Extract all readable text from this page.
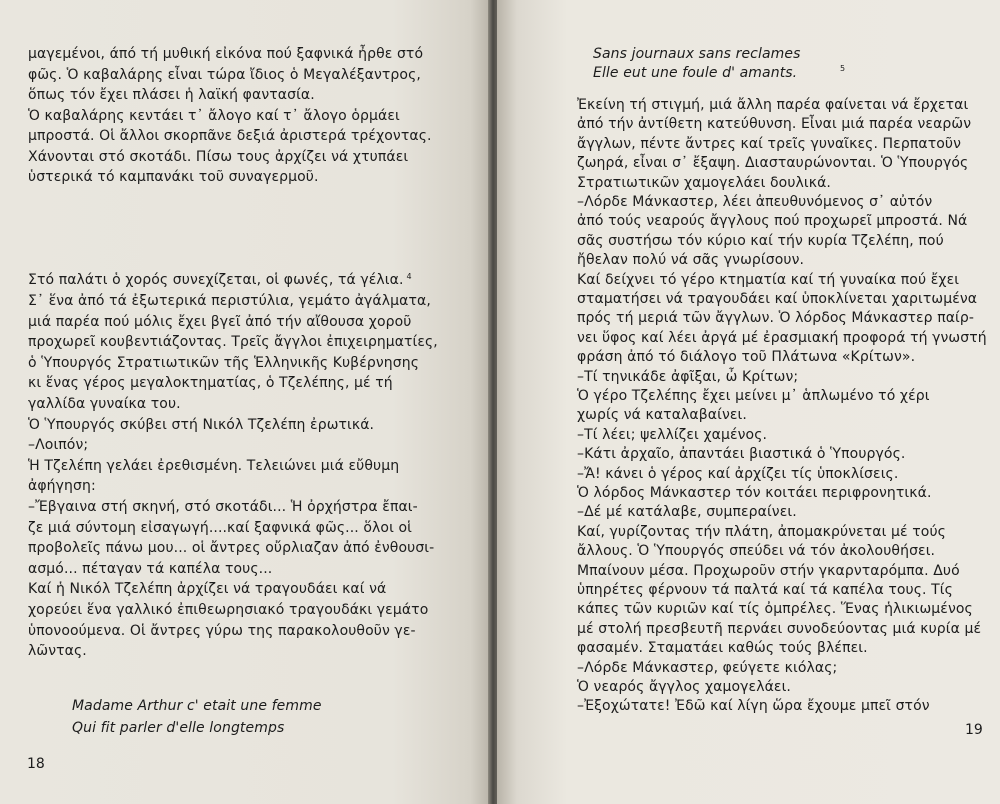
μαγεμένοι, άπό τή μυθική εἰκόνα πού ξαφνικά ἦρθε στό
φῶς. Ὁ καβαλάρης εἶναι τώρα ἴδιος ὁ Μεγαλέξαντρος,
ὅπως τόν ἔχει πλάσει ἡ λαϊκή φαντασία.
Ὁ καβαλάρης κεντάει τ᾽ ἄλογο καί τ᾽ ἄλογο ὁρμάει
μπροστά. Οἱ ἄλλοι σκορπᾶνε δεξιά ἀριστερά τρέχοντας.
Χάνονται στό σκοτάδι. Πίσω τους ἀρχίζει νά χτυπάει
ὑστερικά τό καμπανάκι τοῦ συναγερμοῦ.
Στό παλάτι ὁ χορός συνεχίζεται, οἱ φωνές, τά γέλια. $^4$
Σ᾽ ἕνα ἀπό τά ἐξωτερικά περιστύλια, γεμάτο ἀγάλματα,
μιά παρέα πού μόλις ἔχει βγεῖ ἀπό τήν αἴθουσα χοροῦ
προχωρεῖ κουβεντιάζοντας. Τρεῖς ἄγγλοι ἐπιχειρηματίες,
ὁ Ὑπουργός Στρατιωτικῶν τῆς Ἑλληνικῆς Κυβέρνησης
κι ἕνας γέρος μεγαλοκτηματίας, ὁ Τζελέπης, μέ τή
γαλλίδα γυναίκα του.
Ὁ Ὑπουργός σκύβει στή Νικόλ Τζελέπη ἐρωτικά.
–Λοιπόν;
Ἡ Τζελέπη γελάει ἐρεθισμένη. Τελειώνει μιά εὔθυμη
ἀφήγηση:
–Ἔβγαινα στή σκηνή, στό σκοτάδι... Ἡ ὀρχήστρα ἔπαι-
ζε μιά σύντομη εἰσαγωγή....καί ξαφνικά φῶς... ὅλοι οἱ
προβολεῖς πάνω μου... οἱ ἄντρες οὔρλιαζαν ἀπό ἐνθουσι-
ασμό... πέταγαν τά καπέλα τους...
Καί ἡ Νικόλ Τζελέπη ἀρχίζει νά τραγουδάει καί νά
χορεύει ἕνα γαλλικό ἐπιθεωρησιακό τραγουδάκι γεμάτο
ὑπονοούμενα. Οἱ ἄντρες γύρω της παρακολουθοῦν γε-
λῶντας.
Madame Arthur c' etait une femme
Qui fit parler d'elle longtemps
18
Sans journaux sans reclames
Elle eut une foule d' amants.	5
Ἐκείνη τή στιγμή, μιά ἄλλη παρέα φαίνεται νά ἔρχεται
ἀπό τήν ἀντίθετη κατεύθυνση. Εἶναι μιά παρέα νεαρῶν
ἄγγλων, πέντε ἄντρες καί τρεῖς γυναῖκες. Περπατοῦν
ζωηρά, εἶναι σ᾽ ἔξαψη. Διασταυρώνονται. Ὁ Ὑπουργός
Στρατιωτικῶν χαμογελάει δουλικά.
–Λόρδε Μάνκαστερ, λέει ἀπευθυνόμενος σ᾽ αὐτόν
ἀπό τούς νεαρούς ἄγγλους πού προχωρεῖ μπροστά. Νά
σᾶς συστήσω τόν κύριο καί τήν κυρία Τζελέπη, πού
ἤθελαν πολύ νά σᾶς γνωρίσουν.
Καί δείχνει τό γέρο κτηματία καί τή γυναίκα πού ἔχει
σταματήσει νά τραγουδάει καί ὑποκλίνεται χαριτωμένα
πρός τή μεριά τῶν ἄγγλων. Ὁ λόρδος Μάνκαστερ παίρ-
νει ὕφος καί λέει ἀργά μέ ἐρασμιακή προφορά τή γνωστή
φράση ἀπό τό διάλογο τοῦ Πλάτωνα «Κρίτων».
–Τί τηνικάδε ἀφῖξαι, ὦ Κρίτων;
Ὁ γέρο Τζελέπης ἔχει μείνει μ᾽ ἁπλωμένο τό χέρι
χωρίς νά καταλαβαίνει.
–Τί λέει; ψελλίζει χαμένος.
–Κάτι ἀρχαῖο, ἀπαντάει βιαστικά ὁ Ὑπουργός.
–Ἄ! κάνει ὁ γέρος καί ἀρχίζει τίς ὑποκλίσεις.
Ὁ λόρδος Μάνκαστερ τόν κοιτάει περιφρονητικά.
–Δέ μέ κατάλαβε, συμπεραίνει.
Καί, γυρίζοντας τήν πλάτη, ἀπομακρύνεται μέ τούς
ἄλλους. Ὁ Ὑπουργός σπεύδει νά τόν ἀκολουθήσει.
Μπαίνουν μέσα. Προχωροῦν στήν γκαρνταρόμπα. Δυό
ὑπηρέτες φέρνουν τά παλτά καί τά καπέλα τους. Τίς
κάπες τῶν κυριῶν καί τίς ὀμπρέλες. Ἕνας ἡλικιωμένος
μέ στολή πρεσβευτῆ περνάει συνοδεύοντας μιά κυρία μέ
φασαμέν. Σταματάει καθώς τούς βλέπει.
–Λόρδε Μάνκαστερ, φεύγετε κιόλας;
Ὁ νεαρός ἄγγλος χαμογελάει.
–Ἐξοχώτατε! Ἐδῶ καί λίγη ὥρα ἔχουμε μπεῖ στόν
19
